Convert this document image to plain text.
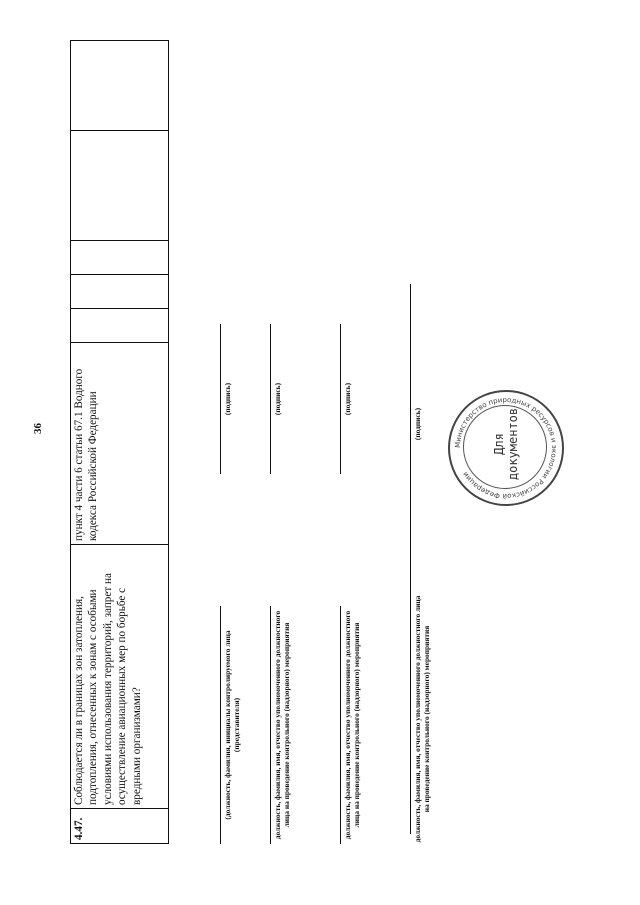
36
4.47.	Соблюдается ли в границах зон затопления, подтопления, отнесенных к зонам с особыми условиями использования территорий, запрет на осуществление авиационных мер по борьбе с вредными организмами?	пункт 4 части 6 статьи 67.1 Водного кодекса Российской Федерации					
(должность, фамилия, инициалы контролируемого лица (представителя)
(подпись)
должность, фамилия, имя, отчество уполномоченного должностного лица на проведение контрольного (надзорного) мероприятия
(подпись)
должность, фамилия, имя, отчество уполномоченного должностного лица на проведение контрольного (надзорного) мероприятия
(подпись)
должность, фамилия, имя, отчество уполномоченного должностного лица на проведение контрольного (надзорного) мероприятия
(подпись)
Министерство природных ресурсов и экологии Российской Федерации
Для документов
